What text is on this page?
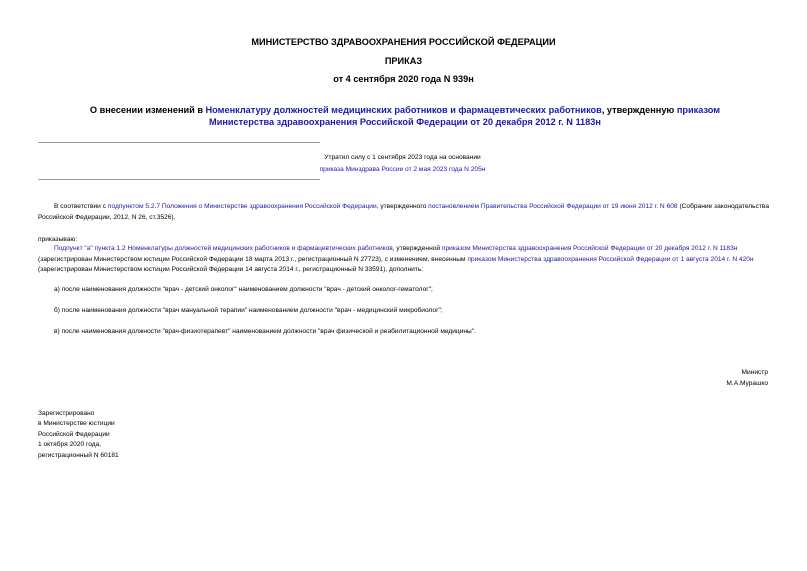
МИНИСТЕРСТВО ЗДРАВООХРАНЕНИЯ РОССИЙСКОЙ ФЕДЕРАЦИИ
ПРИКАЗ
от 4 сентября 2020 года N 939н
О внесении изменений в Номенклатуру должностей медицинских работников и фармацевтических работников, утвержденную приказом Министерства здравоохранения Российской Федерации от 20 декабря 2012 г. N 1183н
Утратил силу с 1 сентября 2023 года на основании
приказа Минздрава России от 2 мая 2023 года N 205н
В соответствии с подпунктом 5.2.7 Положения о Министерстве здравоохранения Российской Федерации, утвержденного постановлением Правительства Российской Федерации от 19 июня 2012 г. N 608 (Собрание законодательства Российской Федерации, 2012, N 26, ст.3526),
приказываю:
Подпункт "а" пункта 1.2 Номенклатуры должностей медицинских работников и фармацевтических работников, утвержденной приказом Министерства здравоохранения Российской Федерации от 20 декабря 2012 г. N 1183н (зарегистрирован Министерством юстиции Российской Федерации 18 марта 2013 г., регистрационный N 27723), с изменением, внесенным приказом Министерства здравоохранения Российской Федерации от 1 августа 2014 г. N 420н (зарегистрирован Министерством юстиции Российской Федерации 14 августа 2014 г., регистрационный N 33591), дополнить:
а) после наименования должности "врач - детский онколог" наименованием должности "врач - детский онколог-гематолог";
б) после наименования должности "врач мануальной терапии" наименованием должности "врач - медицинский микробиолог";
в) после наименования должности "врач-физиотерапевт" наименованием должности "врач физической и реабилитационной медицины".
Министр
М.А.Мурашко
Зарегистрировано
в Министерстве юстиции
Российской Федерации
1 октября 2020 года,
регистрационный N 60181
